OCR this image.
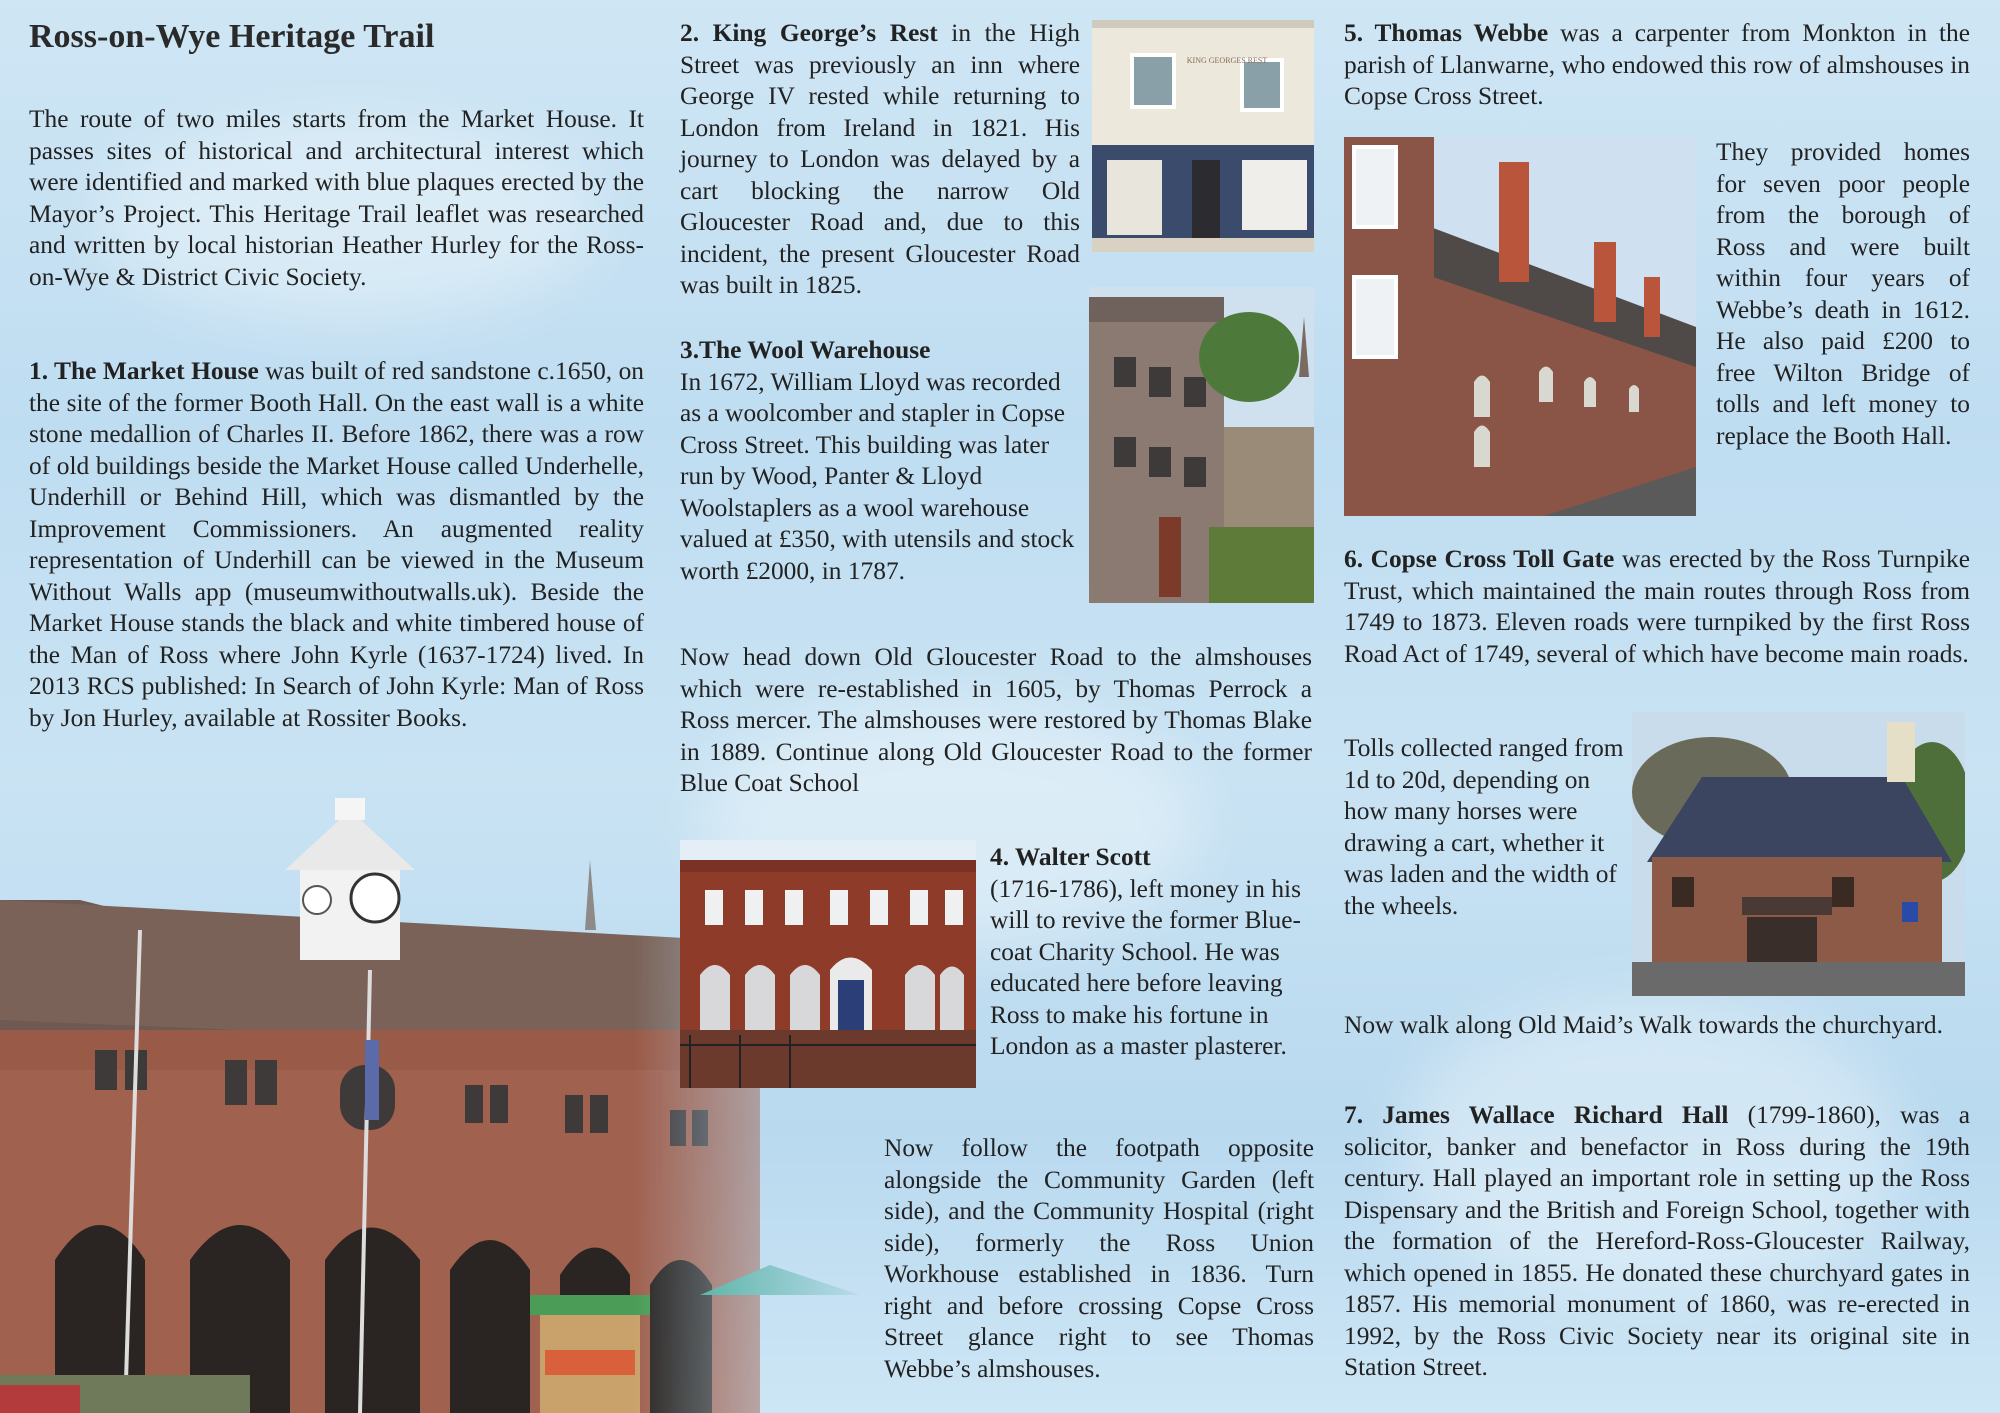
Ross-on-Wye Heritage Trail
The route of two miles starts from the Market House. It passes sites of historical and architectural interest which were identified and marked with blue plaques erected by the Mayor’s Project. This Heritage Trail leaflet was researched and written by local historian Heather Hurley for the Ross-on-Wye & District Civic Society.
1. The Market House was built of red sandstone c.1650, on the site of the former Booth Hall. On the east wall is a white stone medallion of Charles II. Before 1862, there was a row of old buildings beside the Market House called Underhelle, Underhill or Behind Hill, which was dismantled by the Improvement Commissioners. An augmented reality representation of Underhill can be viewed in the Museum Without Walls app (museumwithoutwalls.uk). Beside the Market House stands the black and white timbered house of the Man of Ross where John Kyrle (1637-1724) lived. In 2013 RCS published: In Search of John Kyrle: Man of Ross by Jon Hurley, available at Rossiter Books.
2. King George’s Rest in the High Street was previously an inn where George IV rested while returning to London from Ireland in 1821. His journey to London was delayed by a cart blocking the narrow Old Gloucester Road and, due to this incident, the present Gloucester Road was built in 1825.
KING GEORGES REST
3.The Wool Warehouse
In 1672, William Lloyd was recorded as a woolcomber and stapler in Copse Cross Street. This building was later run by Wood, Panter & Lloyd Woolstaplers as a wool warehouse valued at £350, with utensils and stock worth £2000, in 1787.
Now head down Old Gloucester Road to the almshouses which were re-established in 1605, by Thomas Perrock a Ross mercer. The almshouses were restored by Thomas Blake in 1889. Continue along Old Gloucester Road to the former Blue Coat School
4. Walter Scott
(1716-1786), left money in his will to revive the former Blue-coat Charity School. He was educated here before leaving Ross to make his fortune in London as a master plasterer.
Now follow the footpath opposite alongside the Community Garden (left side), and the Community Hospital (right side), formerly the Ross Union Workhouse established in 1836. Turn right and before crossing Copse Cross Street glance right to see Thomas Webbe’s almshouses.
5. Thomas Webbe was a carpenter from Monkton in the parish of Llanwarne, who endowed this row of almshouses in Copse Cross Street.
They provided homes for seven poor people from the borough of Ross and were built within four years of Webbe’s death in 1612. He also paid £200 to free Wilton Bridge of tolls and left money to replace the Booth Hall.
6. Copse Cross Toll Gate was erected by the Ross Turnpike Trust, which maintained the main routes through Ross from 1749 to 1873. Eleven roads were turnpiked by the first Ross Road Act of 1749, several of which have become main roads.
Tolls collected ranged from 1d to 20d, depending on how many horses were drawing a cart, whether it was laden and the width of the wheels.
Now walk along Old Maid’s Walk towards the churchyard.
7. James Wallace Richard Hall (1799-1860), was a solicitor, banker and benefactor in Ross during the 19th century. Hall played an important role in setting up the Ross Dispensary and the British and Foreign School, together with the formation of the Hereford-Ross-Gloucester Railway, which opened in 1855. He donated these churchyard gates in 1857. His memorial monument of 1860, was re-erected in 1992, by the Ross Civic Society near its original site in Station Street.
